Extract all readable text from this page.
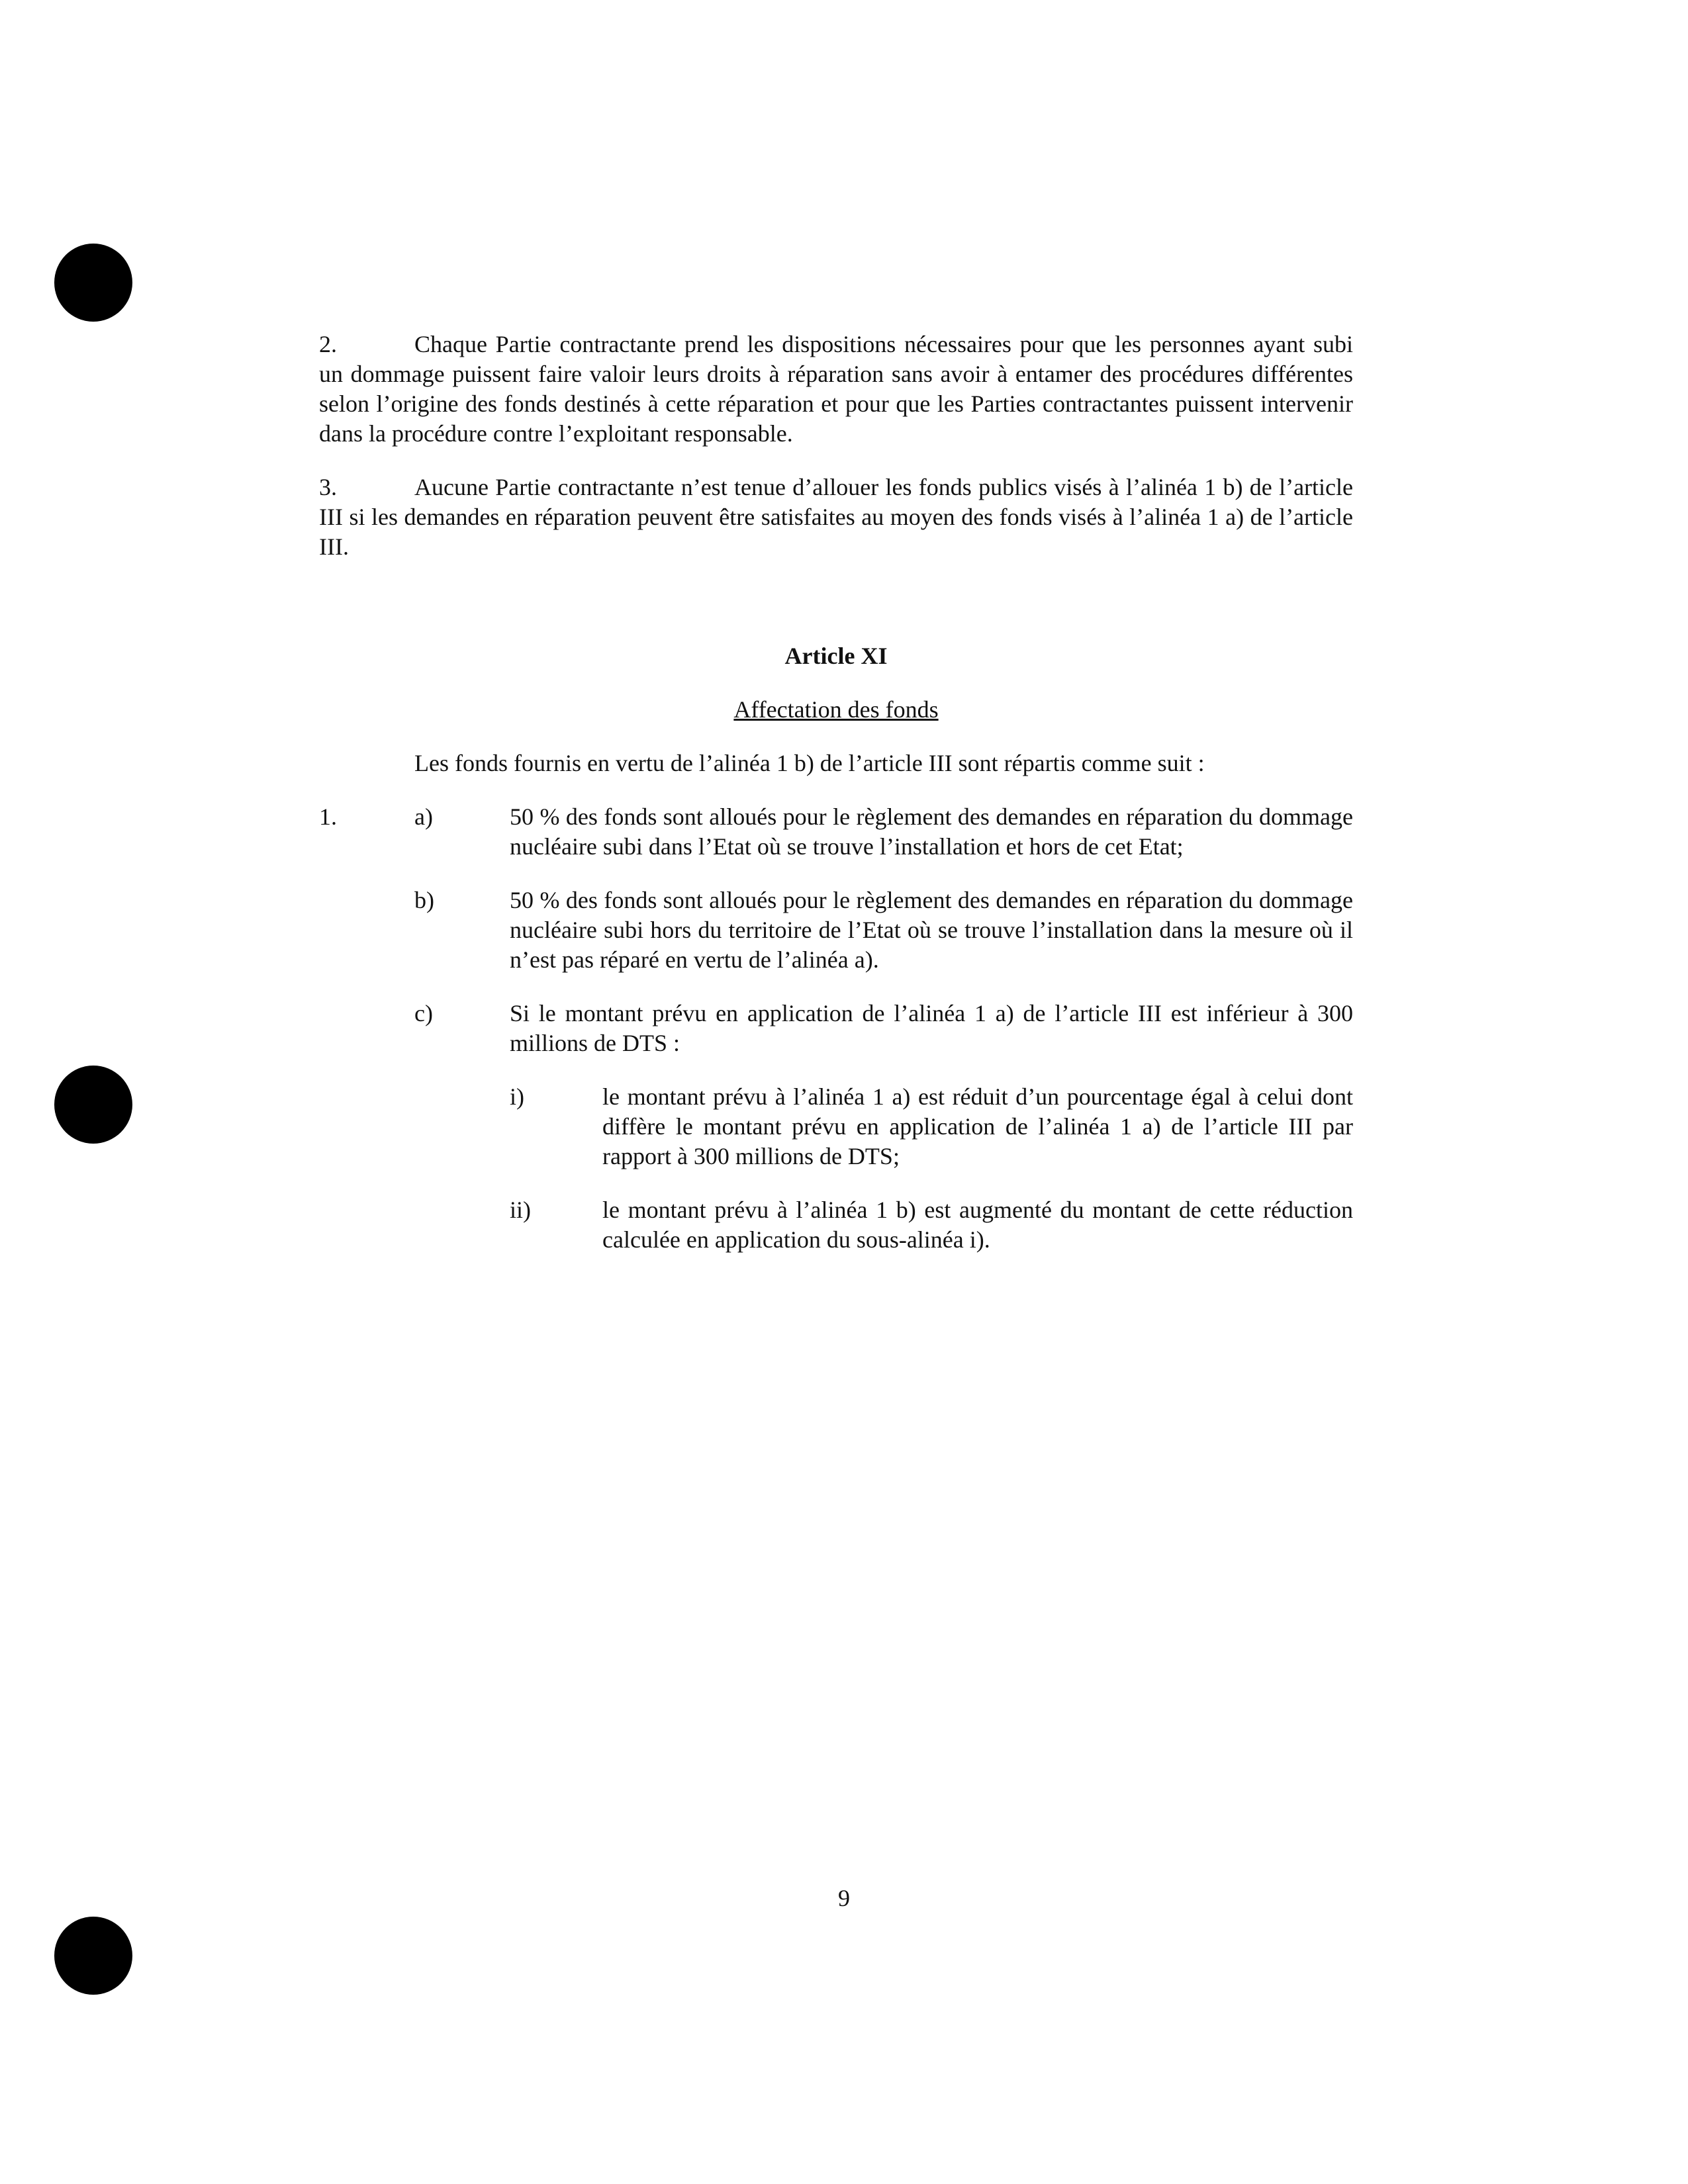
2.	Chaque Partie contractante prend les dispositions nécessaires pour que les personnes ayant subi un dommage puissent faire valoir leurs droits à réparation sans avoir à entamer des procédures différentes selon l’origine des fonds destinés à cette réparation et pour que les Parties contractantes puissent intervenir dans la procédure contre l’exploitant responsable.

3.	Aucune Partie contractante n’est tenue d’allouer les fonds publics visés à l’alinéa 1 b) de l’article III si les demandes en réparation peuvent être satisfaites au moyen des fonds visés à l’alinéa 1 a) de l’article III.

Article XI
Affectation des fonds
Les fonds fournis en vertu de l’alinéa 1 b) de l’article III sont répartis comme suit :
1.	a)	50 % des fonds sont alloués pour le règlement des demandes en réparation du dommage nucléaire subi dans l’Etat où se trouve l’installation et hors de cet Etat;
b)	50 % des fonds sont alloués pour le règlement des demandes en réparation du dommage nucléaire subi hors du territoire de l’Etat où se trouve l’installation dans la mesure où il n’est pas réparé en vertu de l’alinéa a).
c)	Si le montant prévu en application de l’alinéa 1 a) de l’article III est inférieur à 300 millions de DTS :
i)	le montant prévu à l’alinéa 1 a) est réduit d’un pourcentage égal à celui dont diffère le montant prévu en application de l’alinéa 1 a) de l’article III par rapport à 300 millions de DTS;
ii)	le montant prévu à l’alinéa 1 b) est augmenté du montant de cette réduction calculée en application du sous-alinéa i).
9
